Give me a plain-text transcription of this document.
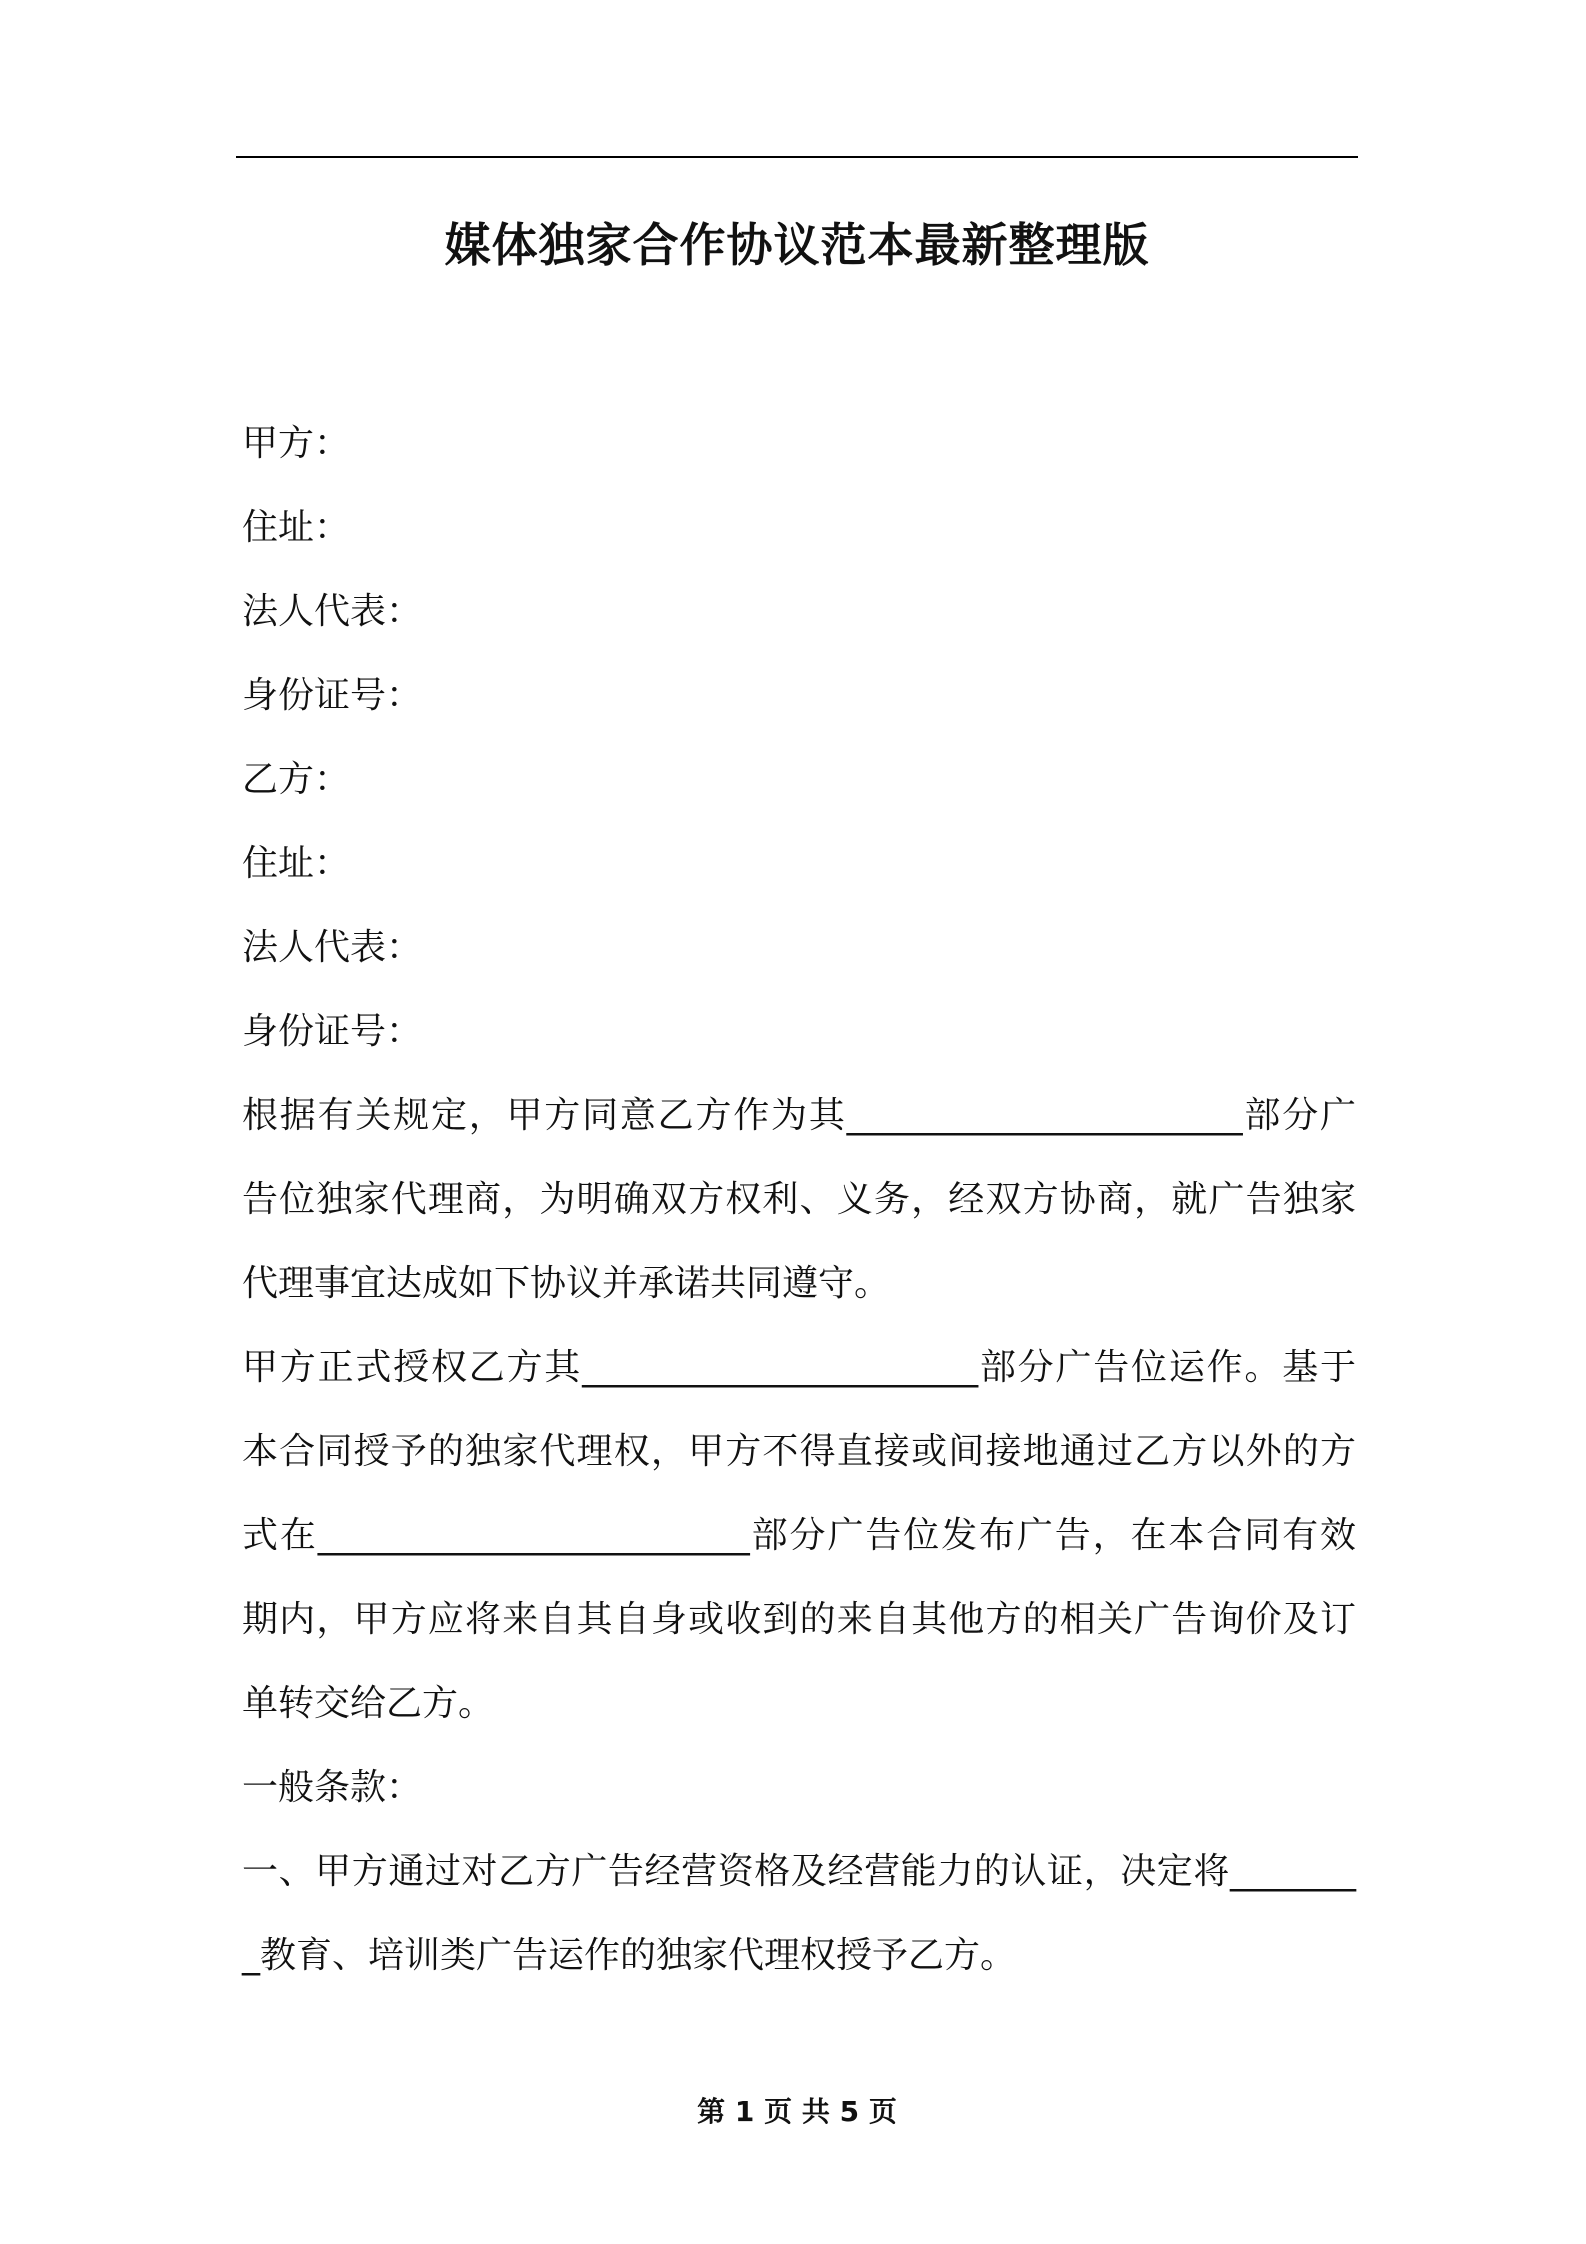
媒体独家合作协议范本最新整理版
甲方：
住址：
法人代表：
身份证号：
乙方：
住址：
法人代表：
身份证号：

根据有关规定，甲方同意乙方作为其______________________部分广告位独家代理商，为明确双方权利、义务，经双方协商，就广告独家代理事宜达成如下协议并承诺共同遵守。

甲方正式授权乙方其______________________部分广告位运作。基于本合同授予的独家代理权，甲方不得直接或间接地通过乙方以外的方式在________________________部分广告位发布广告，在本合同有效期内，甲方应将来自其自身或收到的来自其他方的相关广告询价及订单转交给乙方。

一般条款：

一、甲方通过对乙方广告经营资格及经营能力的认证，决定将________教育、培训类广告运作的独家代理权授予乙方。

第 1 页 共 5 页
